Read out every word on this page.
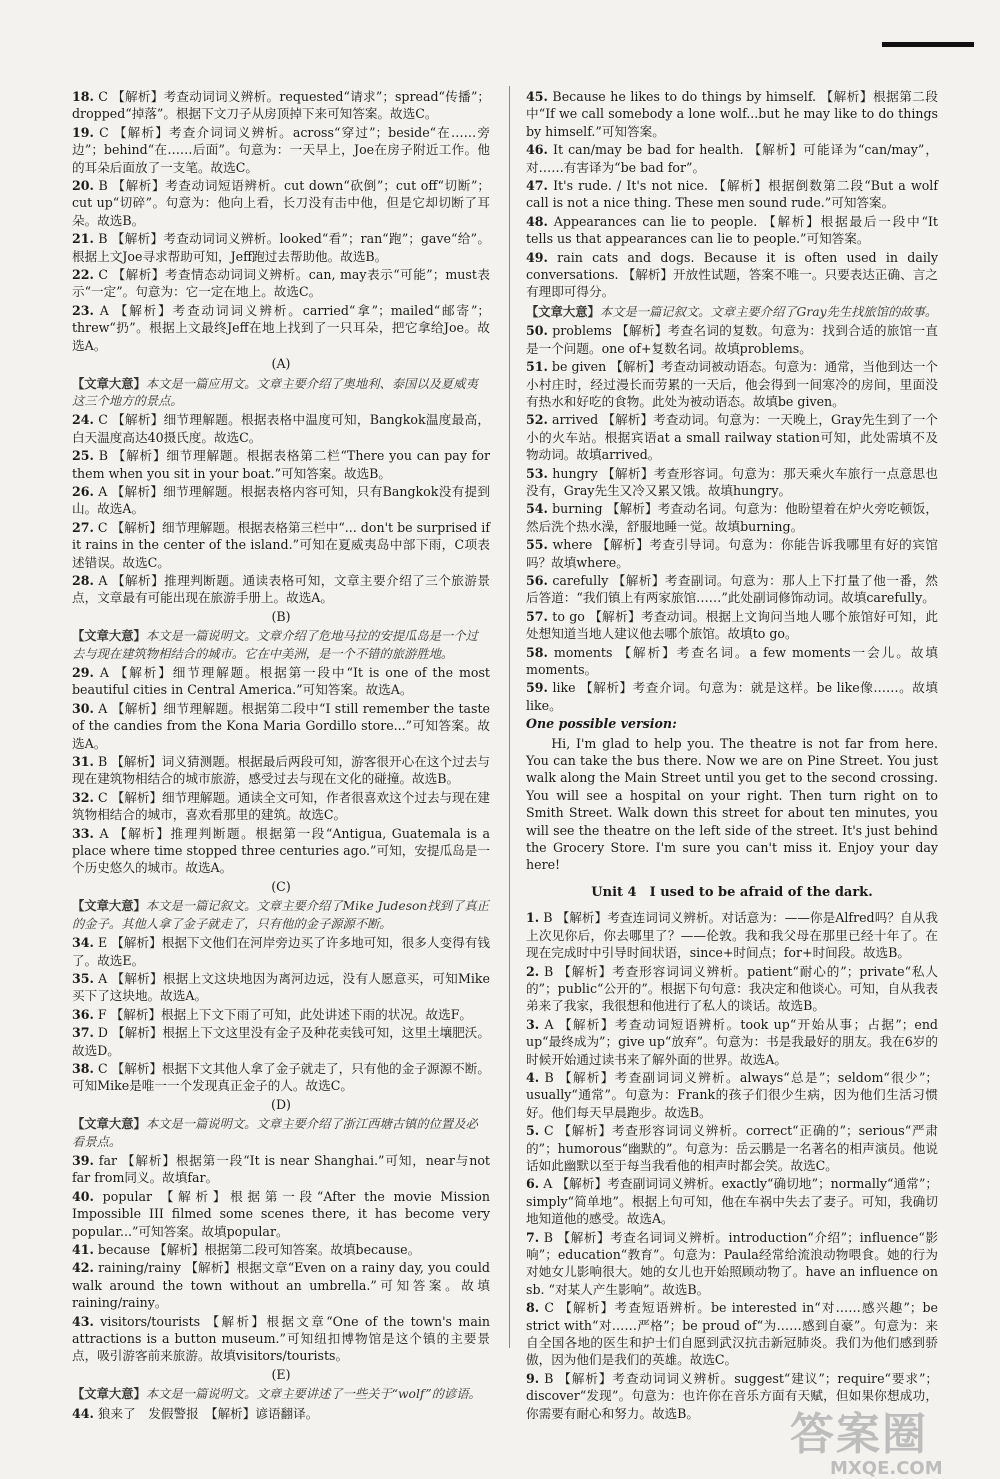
18. C 【解析】考查动词词义辨析。requested“请求”；spread“传播”；dropped“掉落”。根据下文刀子从房顶掉下来可知答案。故选C。
19. C 【解析】考查介词词义辨析。across“穿过”；beside“在……旁边”；behind“在……后面”。句意为：一天早上，Joe在房子附近工作。他的耳朵后面放了一支笔。故选C。
20. B 【解析】考查动词短语辨析。cut down“砍倒”；cut off“切断”；cut up“切碎”。句意为：他向上看，长刀没有击中他，但是它却切断了耳朵。故选B。
21. B 【解析】考查动词词义辨析。looked“看”；ran“跑”；gave“给”。根据上文Joe寻求帮助可知，Jeff跑过去帮助他。故选B。
22. C 【解析】考查情态动词词义辨析。can, may表示“可能”；must表示“一定”。句意为：它一定在地上。故选C。
23. A 【解析】考查动词词义辨析。carried“拿”；mailed“邮寄”；threw“扔”。根据上文最终Jeff在地上找到了一只耳朵，把它拿给Joe。故选A。
(A)
【文章大意】本文是一篇应用文。文章主要介绍了奥地利、泰国以及夏威夷这三个地方的景点。
24. C 【解析】细节理解题。根据表格中温度可知，Bangkok温度最高，白天温度高达40摄氏度。故选C。
25. B 【解析】细节理解题。根据表格第二栏“There you can pay for them when you sit in your boat.”可知答案。故选B。
26. A 【解析】细节理解题。根据表格内容可知，只有Bangkok没有提到山。故选A。
27. C 【解析】细节理解题。根据表格第三栏中“... don't be surprised if it rains in the center of the island.”可知在夏威夷岛中部下雨，C项表述错误。故选C。
28. A 【解析】推理判断题。通读表格可知，文章主要介绍了三个旅游景点，文章最有可能出现在旅游手册上。故选A。
(B)
【文章大意】本文是一篇说明文。文章介绍了危地马拉的安提瓜岛是一个过去与现在建筑物相结合的城市。它在中美洲，是一个不错的旅游胜地。
29. A 【解析】细节理解题。根据第一段中“It is one of the most beautiful cities in Central America.”可知答案。故选A。
30. A 【解析】细节理解题。根据第二段中“I still remember the taste of the candies from the Kona Maria Gordillo store...”可知答案。故选A。
31. B 【解析】词义猜测题。根据最后两段可知，游客很开心在这个过去与现在建筑物相结合的城市旅游，感受过去与现在文化的碰撞。故选B。
32. C 【解析】细节理解题。通读全文可知，作者很喜欢这个过去与现在建筑物相结合的城市，喜欢看那里的建筑。故选C。
33. A 【解析】推理判断题。根据第一段“Antigua, Guatemala is a place where time stopped three centuries ago.”可知，安提瓜岛是一个历史悠久的城市。故选A。
(C)
【文章大意】本文是一篇记叙文。文章主要介绍了Mike Judeson找到了真正的金子。其他人拿了金子就走了，只有他的金子源源不断。
34. E 【解析】根据下文他们在河岸旁边买了许多地可知，很多人变得有钱了。故选E。
35. A 【解析】根据上文这块地因为离河边远，没有人愿意买，可知Mike买下了这块地。故选A。
36. F 【解析】根据上下文下雨了可知，此处讲述下雨的状况。故选F。
37. D 【解析】根据上下文这里没有金子及种花卖钱可知，这里土壤肥沃。故选D。
38. C 【解析】根据下文其他人拿了金子就走了，只有他的金子源源不断。可知Mike是唯一一个发现真正金子的人。故选C。
(D)
【文章大意】本文是一篇说明文。文章主要介绍了浙江西塘古镇的位置及必看景点。
39. far 【解析】根据第一段“It is near Shanghai.”可知，near与not far from同义。故填far。
40. popular 【解析】根据第一段“After the movie Mission Impossible III filmed some scenes there, it has become very popular...”可知答案。故填popular。
41. because 【解析】根据第二段可知答案。故填because。
42. raining/rainy 【解析】根据文章“Even on a rainy day, you could walk around the town without an umbrella.”可知答案。故填raining/rainy。
43. visitors/tourists 【解析】根据文章“One of the town's main attractions is a button museum.”可知纽扣博物馆是这个镇的主要景点，吸引游客前来旅游。故填visitors/tourists。
(E)
【文章大意】本文是一篇说明文。文章主要讲述了一些关于“wolf”的谚语。
44. 狼来了　发假警报　【解析】谚语翻译。
45. Because he likes to do things by himself. 【解析】根据第二段中“If we call somebody a lone wolf...but he may like to do things by himself.”可知答案。
46. It can/may be bad for health. 【解析】可能译为“can/may”，对……有害译为“be bad for”。
47. It's rude. / It's not nice. 【解析】根据倒数第二段“But a wolf call is not a nice thing. These men sound rude.”可知答案。
48. Appearances can lie to people. 【解析】根据最后一段中“It tells us that appearances can lie to people.”可知答案。
49. rain cats and dogs. Because it is often used in daily conversations. 【解析】开放性试题，答案不唯一。只要表达正确、言之有理即可得分。
【文章大意】本文是一篇记叙文。文章主要介绍了Gray先生找旅馆的故事。
50. problems 【解析】考查名词的复数。句意为：找到合适的旅馆一直是一个问题。one of+复数名词。故填problems。
51. be given 【解析】考查动词被动语态。句意为：通常，当他到达一个小村庄时，经过漫长而劳累的一天后，他会得到一间寒冷的房间，里面没有热水和好吃的食物。此处为被动语态。故填be given。
52. arrived 【解析】考查动词。句意为：一天晚上，Gray先生到了一个小的火车站。根据宾语at a small railway station可知，此处需填不及物动词。故填arrived。
53. hungry 【解析】考查形容词。句意为：那天乘火车旅行一点意思也没有，Gray先生又冷又累又饿。故填hungry。
54. burning 【解析】考查动名词。句意为：他盼望着在炉火旁吃顿饭，然后洗个热水澡，舒服地睡一觉。故填burning。
55. where 【解析】考查引导词。句意为：你能告诉我哪里有好的宾馆吗？故填where。
56. carefully 【解析】考查副词。句意为：那人上下打量了他一番，然后答道：“我们镇上有两家旅馆……”此处副词修饰动词。故填carefully。
57. to go 【解析】考查动词。根据上文询问当地人哪个旅馆好可知，此处想知道当地人建议他去哪个旅馆。故填to go。
58. moments 【解析】考查名词。a few moments一会儿。故填moments。
59. like 【解析】考查介词。句意为：就是这样。be like像……。故填like。
One possible version:
Hi, I'm glad to help you. The theatre is not far from here. You can take the bus there. Now we are on Pine Street. You just walk along the Main Street until you get to the second crossing. You will see a hospital on your right. Then turn right on to Smith Street. Walk down this street for about ten minutes, you will see the theatre on the left side of the street. It's just behind the Grocery Store. I'm sure you can't miss it. Enjoy your day here!
Unit 4　I used to be afraid of the dark.
1. B 【解析】考查连词词义辨析。对话意为：——你是Alfred吗？自从我上次见你后，你去哪里了？——伦敦。我和我父母在那里已经十年了。在现在完成时中引导时间状语，since+时间点；for+时间段。故选B。
2. B 【解析】考查形容词词义辨析。patient“耐心的”；private“私人的”；public“公开的”。根据下句句意：我决定和他谈心。可知，自从我表弟来了我家，我很想和他进行了私人的谈话。故选B。
3. A 【解析】考查动词短语辨析。took up“开始从事；占据”；end up“最终成为”；give up“放弃”。句意为：书是我最好的朋友。我在6岁的时候开始通过读书来了解外面的世界。故选A。
4. B 【解析】考查副词词义辨析。always“总是”；seldom“很少”；usually“通常”。句意为：Frank的孩子们很少生病，因为他们生活习惯好。他们每天早晨跑步。故选B。
5. C 【解析】考查形容词词义辨析。correct“正确的”；serious“严肃的”；humorous“幽默的”。句意为：岳云鹏是一名著名的相声演员。他说话如此幽默以至于每当我看他的相声时都会笑。故选C。
6. A 【解析】考查副词词义辨析。exactly“确切地”；normally“通常”；simply“简单地”。根据上句可知，他在车祸中失去了妻子。可知，我确切地知道他的感受。故选A。
7. B 【解析】考查名词词义辨析。introduction“介绍”；influence“影响”；education“教育”。句意为：Paula经常给流浪动物喂食。她的行为对她女儿影响很大。她的女儿也开始照顾动物了。have an influence on sb. “对某人产生影响”。故选B。
8. C 【解析】考查短语辨析。be interested in“对……感兴趣”；be strict with“对……严格”；be proud of“为……感到自豪”。句意为：来自全国各地的医生和护士们自愿到武汉抗击新冠肺炎。我们为他们感到骄傲，因为他们是我们的英雄。故选C。
9. B 【解析】考查动词词义辨析。suggest“建议”；require“要求”；discover“发现”。句意为：也许你在音乐方面有天赋，但如果你想成功，你需要有耐心和努力。故选B。	答案圈
MXQE.COM
